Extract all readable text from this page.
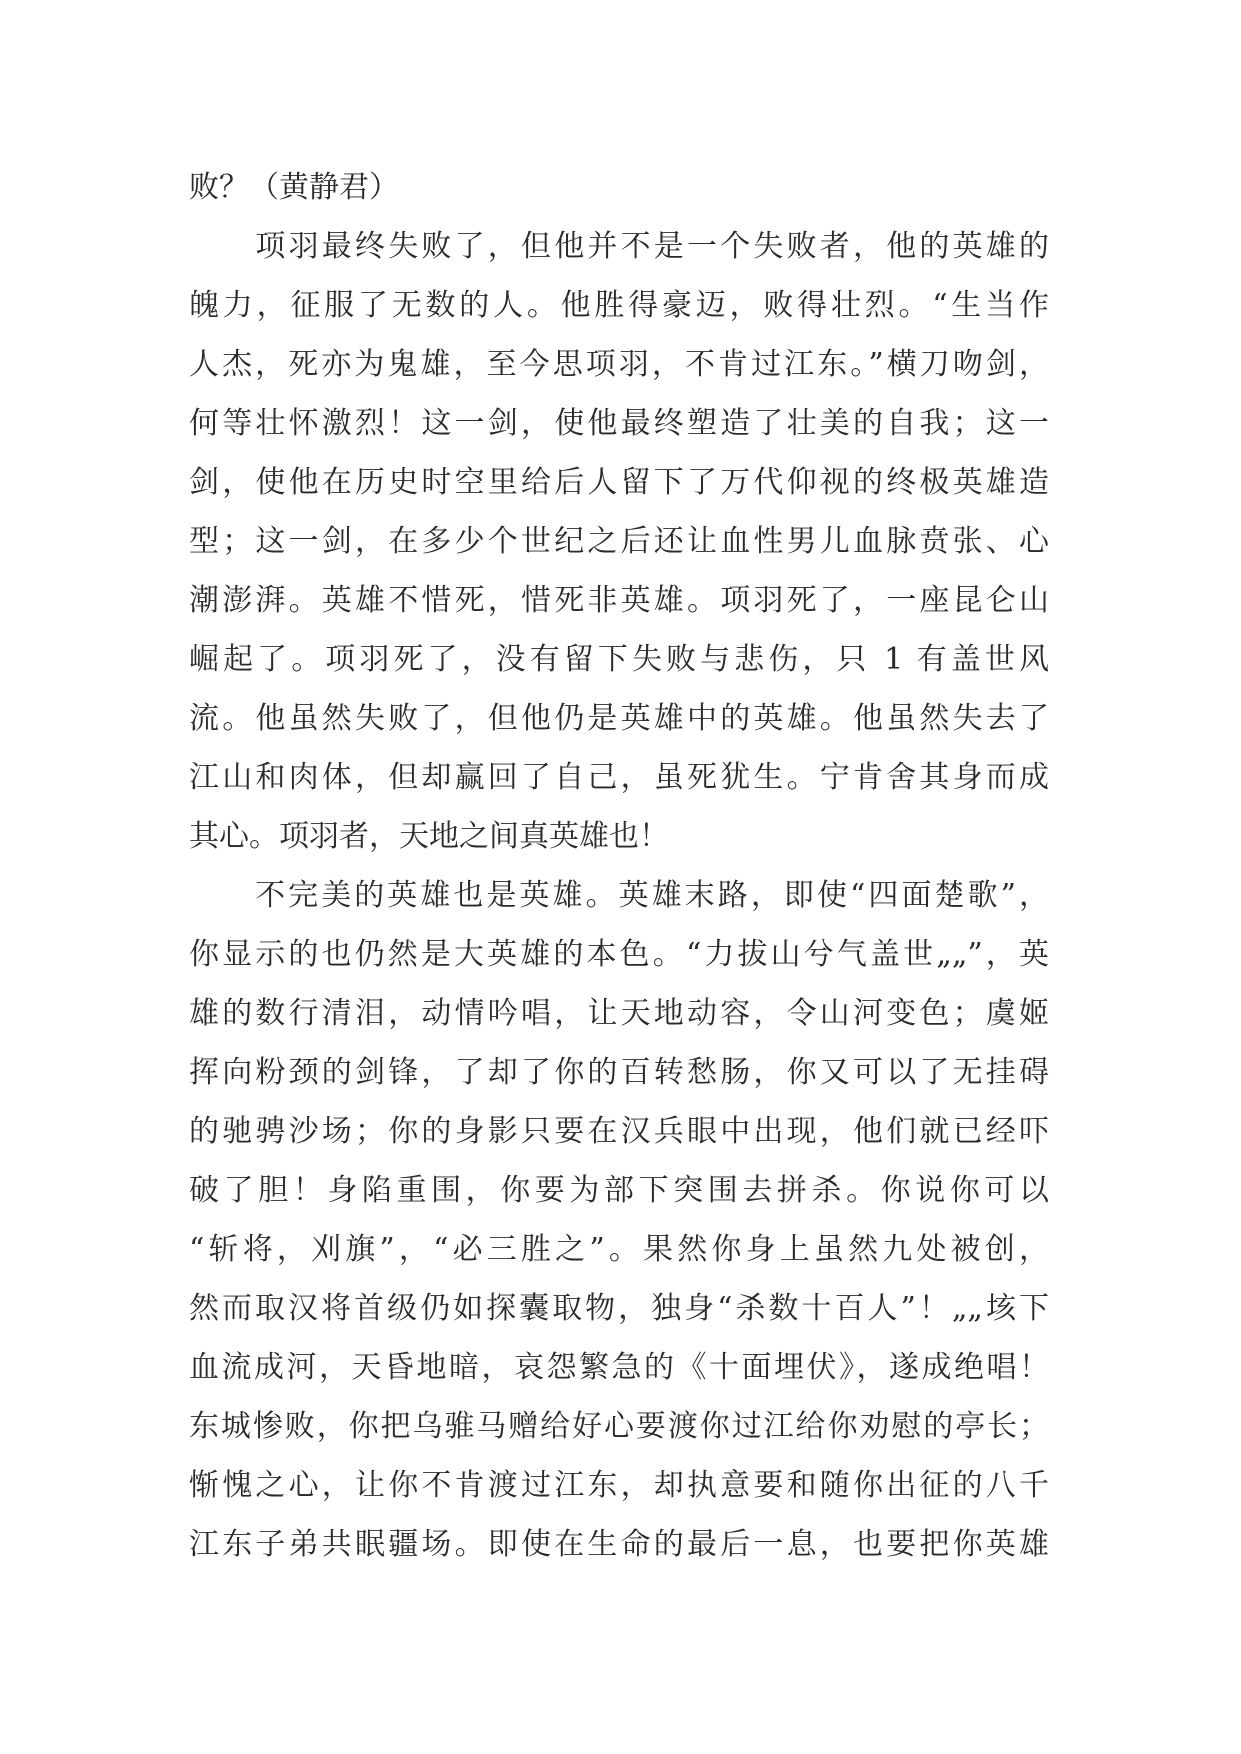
败？（黄静君）
　　项羽最终失败了，但他并不是一个失败者，他的英雄的
魄力，征服了无数的人。他胜得豪迈，败得壮烈。“生当作
人杰，死亦为鬼雄，至今思项羽，不肯过江东。”横刀吻剑，
何等壮怀激烈！这一剑，使他最终塑造了壮美的自我；这一
剑，使他在历史时空里给后人留下了万代仰视的终极英雄造
型；这一剑，在多少个世纪之后还让血性男儿血脉贲张、心
潮澎湃。英雄不惜死，惜死非英雄。项羽死了，一座昆仑山
崛起了。项羽死了，没有留下失败与悲伤，只 1 有盖世风
流。他虽然失败了，但他仍是英雄中的英雄。他虽然失去了
江山和肉体，但却赢回了自己，虽死犹生。宁肯舍其身而成
其心。项羽者，天地之间真英雄也！
　　不完美的英雄也是英雄。英雄末路，即使“四面楚歌”，
你显示的也仍然是大英雄的本色。“力拔山兮气盖世„„”，英
雄的数行清泪，动情吟唱，让天地动容，令山河变色；虞姬
挥向粉颈的剑锋，了却了你的百转愁肠，你又可以了无挂碍
的驰骋沙场；你的身影只要在汉兵眼中出现，他们就已经吓
破了胆！身陷重围，你要为部下突围去拼杀。你说你可以
“斩将，刈旗”，“必三胜之”。果然你身上虽然九处被创，
然而取汉将首级仍如探囊取物，独身“杀数十百人”！„„垓下
血流成河，天昏地暗，哀怨繁急的《十面埋伏》，遂成绝唱！
东城惨败，你把乌骓马赠给好心要渡你过江给你劝慰的亭长；
惭愧之心，让你不肯渡过江东，却执意要和随你出征的八千
江东子弟共眠疆场。即使在生命的最后一息，也要把你英雄
